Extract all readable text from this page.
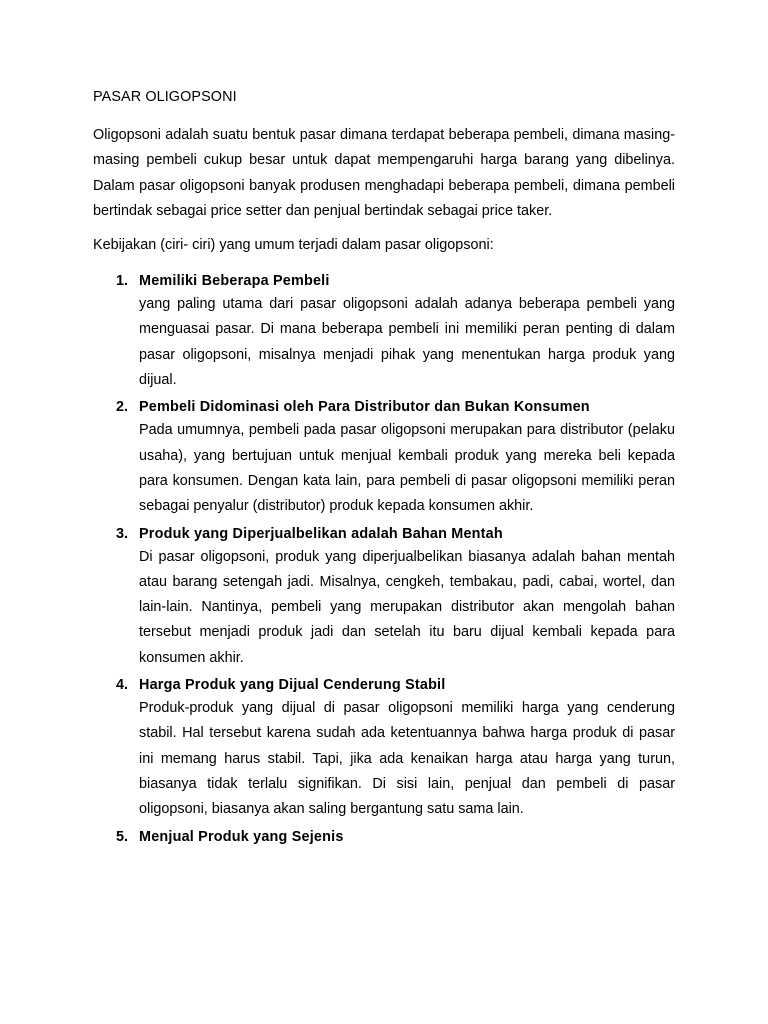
PASAR OLIGOPSONI

Oligopsoni adalah suatu bentuk pasar dimana terdapat beberapa pembeli, dimana masing-masing pembeli cukup besar untuk dapat mempengaruhi harga barang yang dibelinya. Dalam pasar oligopsoni banyak produsen menghadapi beberapa pembeli, dimana pembeli bertindak sebagai price setter dan penjual bertindak sebagai price taker.

Kebijakan (ciri- ciri) yang umum terjadi dalam pasar oligopsoni:

1. Memiliki Beberapa Pembeli

yang paling utama dari pasar oligopsoni adalah adanya beberapa pembeli yang menguasai pasar. Di mana beberapa pembeli ini memiliki peran penting di dalam pasar oligopsoni, misalnya menjadi pihak yang menentukan harga produk yang dijual.

2. Pembeli Didominasi oleh Para Distributor dan Bukan Konsumen

Pada umumnya, pembeli pada pasar oligopsoni merupakan para distributor (pelaku usaha), yang bertujuan untuk menjual kembali produk yang mereka beli kepada para konsumen. Dengan kata lain, para pembeli di pasar oligopsoni memiliki peran sebagai penyalur (distributor) produk kepada konsumen akhir.

3. Produk yang Diperjualbelikan adalah Bahan Mentah

Di pasar oligopsoni, produk yang diperjualbelikan biasanya adalah bahan mentah atau barang setengah jadi. Misalnya, cengkeh, tembakau, padi, cabai, wortel, dan lain-lain. Nantinya, pembeli yang merupakan distributor akan mengolah bahan tersebut menjadi produk jadi dan setelah itu baru dijual kembali kepada para konsumen akhir.

4. Harga Produk yang Dijual Cenderung Stabil

Produk-produk yang dijual di pasar oligopsoni memiliki harga yang cenderung stabil. Hal tersebut karena sudah ada ketentuannya bahwa harga produk di pasar ini memang harus stabil. Tapi, jika ada kenaikan harga atau harga yang turun, biasanya tidak terlalu signifikan. Di sisi lain, penjual dan pembeli di pasar oligopsoni, biasanya akan saling bergantung satu sama lain.

5. Menjual Produk yang Sejenis
